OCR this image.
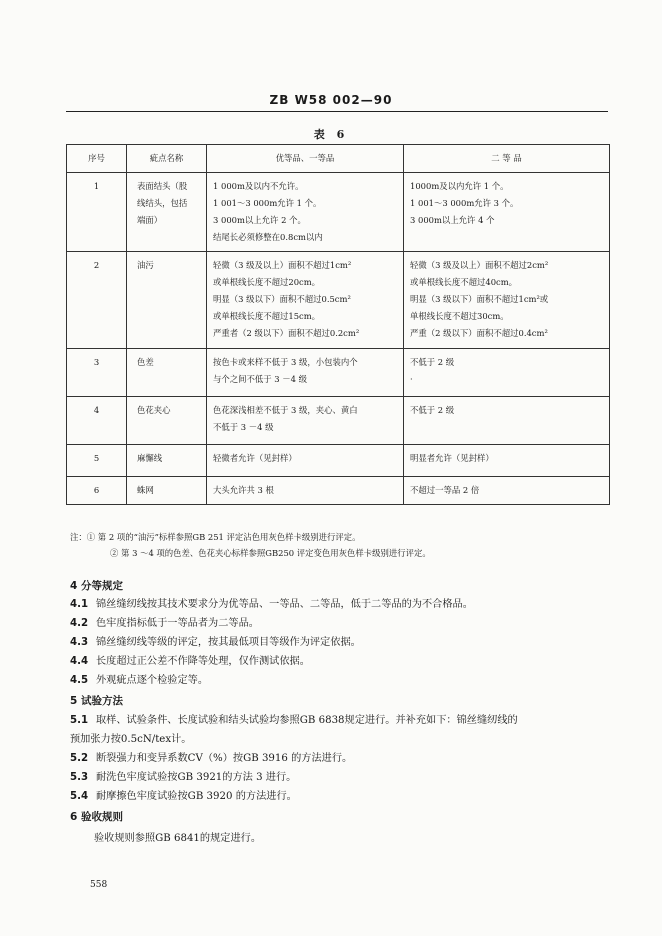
ZB W58 002—90
表 6
序号	疵点名称	优等品、一等品	二 等 品
1	表面结头（股
线结头，包括
端面）	1 000m及以内不允许。
1 001～3 000m允许 1 个。
3 000m以上允许 2 个。
结尾长必须修整在0.8cm以内	1000m及以内允许 1 个。
1 001～3 000m允许 3 个。
3 000m以上允许 4 个

2	油污	轻微（3 级及以上）面积不超过1cm²
或单根线长度不超过20cm。
明显（3 级以下）面积不超过0.5cm²
或单根线长度不超过15cm。
严重者（2 级以下）面积不超过0.2cm²	轻微（3 级及以上）面积不超过2cm²
或单根线长度不超过40cm。
明显（3 级以下）面积不超过1cm²或
单根线长度不超过30cm。
严重（2 级以下）面积不超过0.4cm²

3	色差	按色卡或来样不低于 3 级，小包装内个
与个之间不低于 3 －4 级	不低于 2 级
·

4	色花夹心	色花深浅相差不低于 3 级，夹心、黄白
不低于 3 －4 级	不低于 2 级

5	麻懈线	轻微者允许（见封样）	明显者允许（见封样）

6	蛛网	大头允许共 3 根	不超过一等品 2 倍
注：① 第 2 项的“油污”标样参照GB 251 评定沾色用灰色样卡级别进行评定。
② 第 3 ～4 项的色差、色花夹心标样参照GB250 评定变色用灰色样卡级别进行评定。
4 分等规定
4.1 锦丝缝纫线按其技术要求分为优等品、一等品、二等品，低于二等品的为不合格品。
4.2 色牢度指标低于一等品者为二等品。
4.3 锦丝缝纫线等级的评定，按其最低项目等级作为评定依据。
4.4 长度超过正公差不作降等处理，仅作测试依据。
4.5 外观疵点逐个检验定等。
5 试验方法
5.1 取样、试验条件、长度试验和结头试验均参照GB 6838规定进行。并补充如下：锦丝缝纫线的
预加张力按0.5cN/tex计。
5.2 断裂强力和变异系数CV（%）按GB 3916 的方法进行。
5.3 耐洗色牢度试验按GB 3921的方法 3 进行。
5.4 耐摩擦色牢度试验按GB 3920 的方法进行。
6 验收规则
验收规则参照GB 6841的规定进行。
558
